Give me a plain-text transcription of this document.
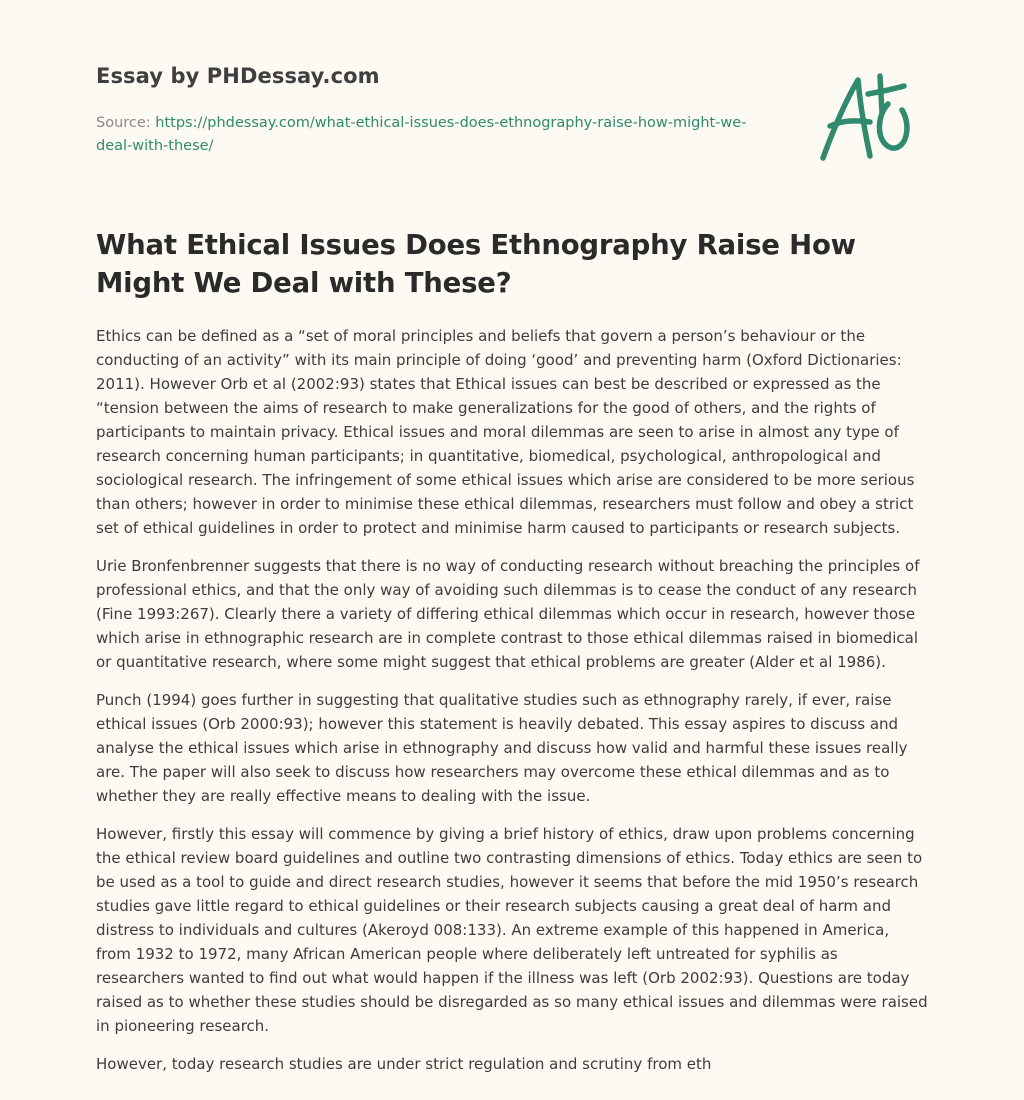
Essay by PHDessay.com
Source: https://phdessay.com/what-ethical-issues-does-ethnography-raise-how-might-we-deal-with-these/
What Ethical Issues Does Ethnography Raise How Might We Deal with These?

Ethics can be defined as a “set of moral principles and beliefs that govern a person’s behaviour or the conducting of an activity” with its main principle of doing ‘good’ and preventing harm (Oxford Dictionaries: 2011). However Orb et al (2002:93) states that Ethical issues can best be described or expressed as the “tension between the aims of research to make generalizations for the good of others, and the rights of participants to maintain privacy. Ethical issues and moral dilemmas are seen to arise in almost any type of research concerning human participants; in quantitative, biomedical, psychological, anthropological and sociological research. The infringement of some ethical issues which arise are considered to be more serious than others; however in order to minimise these ethical dilemmas, researchers must follow and obey a strict set of ethical guidelines in order to protect and minimise harm caused to participants or research subjects.

Urie Bronfenbrenner suggests that there is no way of conducting research without breaching the principles of professional ethics, and that the only way of avoiding such dilemmas is to cease the conduct of any research (Fine 1993:267). Clearly there a variety of differing ethical dilemmas which occur in research, however those which arise in ethnographic research are in complete contrast to those ethical dilemmas raised in biomedical or quantitative research, where some might suggest that ethical problems are greater (Alder et al 1986).

Punch (1994) goes further in suggesting that qualitative studies such as ethnography rarely, if ever, raise ethical issues (Orb 2000:93); however this statement is heavily debated. This essay aspires to discuss and analyse the ethical issues which arise in ethnography and discuss how valid and harmful these issues really are. The paper will also seek to discuss how researchers may overcome these ethical dilemmas and as to whether they are really effective means to dealing with the issue.

However, firstly this essay will commence by giving a brief history of ethics, draw upon problems concerning the ethical review board guidelines and outline two contrasting dimensions of ethics. Today ethics are seen to be used as a tool to guide and direct research studies, however it seems that before the mid 1950’s research studies gave little regard to ethical guidelines or their research subjects causing a great deal of harm and distress to individuals and cultures (Akeroyd 008:133). An extreme example of this happened in America, from 1932 to 1972, many African American people where deliberately left untreated for syphilis as researchers wanted to find out what would happen if the illness was left (Orb 2002:93). Questions are today raised as to whether these studies should be disregarded as so many ethical issues and dilemmas were raised in pioneering research.

However, today research studies are under strict regulation and scrutiny from eth
